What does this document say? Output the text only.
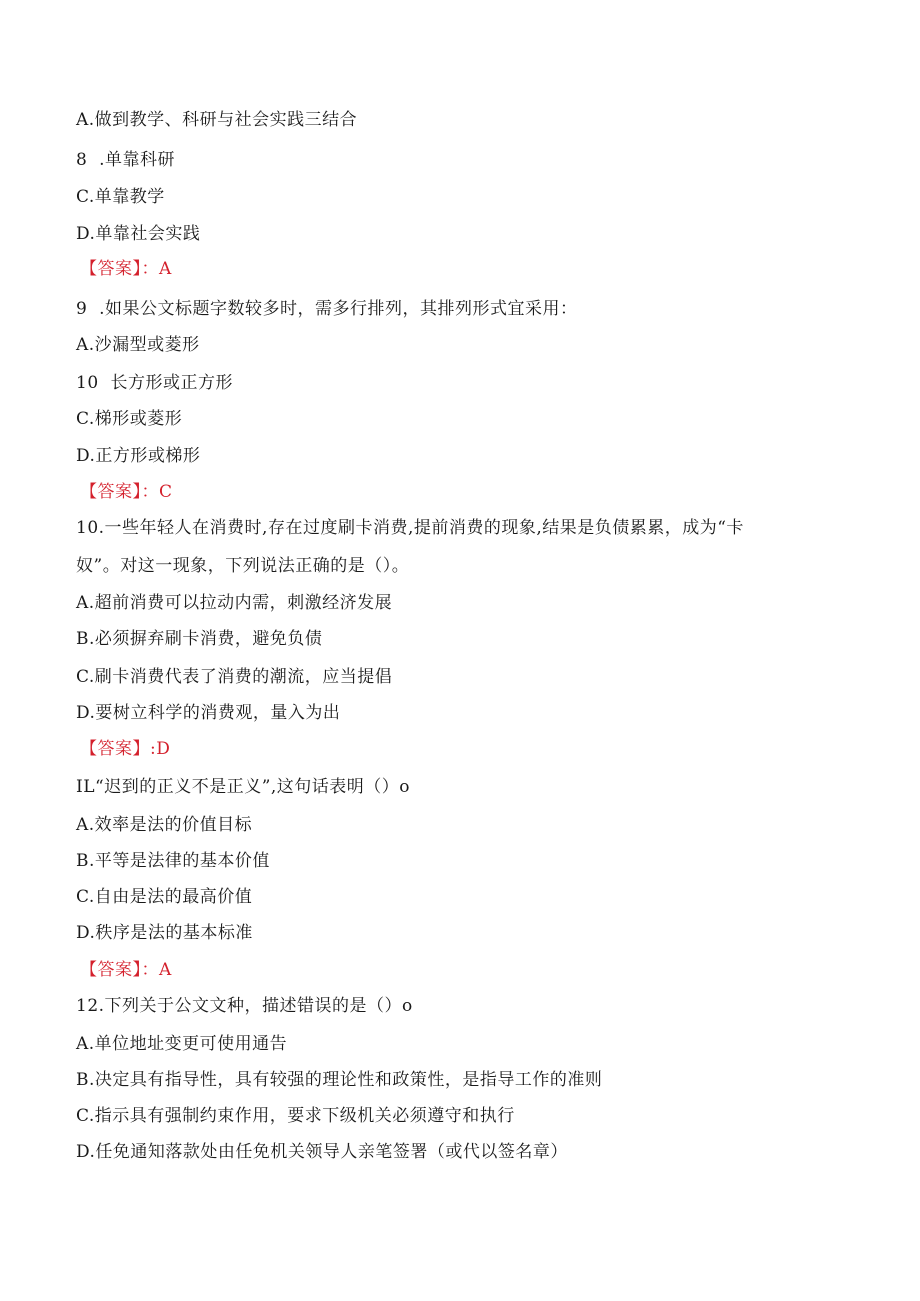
A.做到教学、科研与社会实践三结合
8  .单靠科研
C.单靠教学
D.单靠社会实践
【答案】：A
9  .如果公文标题字数较多时，需多行排列，其排列形式宜采用：
A.沙漏型或菱形
10  长方形或正方形
C.梯形或菱形
D.正方形或梯形
【答案】：C
10.一些年轻人在消费时,存在过度刷卡消费,提前消费的现象,结果是负债累累，成为“卡
奴”。对这一现象，下列说法正确的是（）。
A.超前消费可以拉动内需，刺激经济发展
B.必须摒弃刷卡消费，避免负债
C.刷卡消费代表了消费的潮流，应当提倡
D.要树立科学的消费观，量入为出
【答案】:D
IL“迟到的正义不是正义”,这句话表明（）o
A.效率是法的价值目标
B.平等是法律的基本价值
C.自由是法的最高价值
D.秩序是法的基本标准
【答案】：A
12.下列关于公文文种，描述错误的是（）o
A.单位地址变更可使用通告
B.决定具有指导性，具有较强的理论性和政策性，是指导工作的准则
C.指示具有强制约束作用，要求下级机关必须遵守和执行
D.任免通知落款处由任免机关领导人亲笔签署（或代以签名章）
